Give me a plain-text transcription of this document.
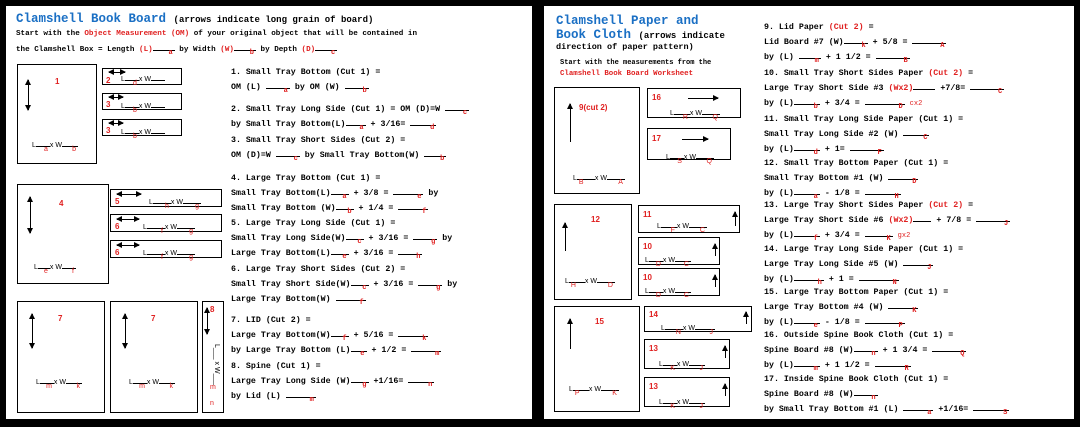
Clamshell Book Board (arrows indicate long grain of board)
Start with the Object Measurement (OM) of your original object that will be contained in
the Clamshell Box = Length (L) a by Width (W) b by Depth (D) c
1
L
a
x W
b
2 L
d
x W
3 L
b
x W
3 L
b
x W
4
L
e
x W
f
5	L
h
x W
g
6	L
f
x W
g
6	L
f
x W
g
7
L
m
x W
k
7
L
m
x W
k
8
L___ x W___
m
n
1. Small Tray Bottom (Cut 1) =
OM (L)	a by OM (W)	b
2. Small Tray Long Side (Cut 1) = OM (D)=W	c
by Small Tray Bottom(L) a + 3/16=	d
3. Small Tray Short Sides (Cut 2) =
OM (D)=W	c by Small Tray Bottom(W) b
4. Large Tray Bottom (Cut 1) =
Small Tray Bottom(L) a + 3/8 =	e by
Small Tray Bottom (W) b + 1/4 =	f
5. Large Tray Long Side (Cut 1) =
Small Tray Long Side(W) c + 3/16 =	g by
Large Tray Bottom(L) e + 3/16 =	h
6. Large Tray Short Sides (Cut 2) =
Small Tray Short Side(W) c + 3/16 =	g by
Large Tray Bottom(W)	f
7. LID (Cut 2) =
Large Tray Bottom(W) f + 5/16 =	k
by Large Tray Bottom (L) e + 1/2 =	m
8. Spine (Cut 1) =
Large Tray Long Side (W) g +1/16=	n
by Lid (L)	m
Clamshell Paper and
Book Cloth (arrows indicate
direction of paper pattern)
Start with the measurements from the
Clamshell Book Board Worksheet
9(cut 2)
L
B
x W
A
16
L
R
x W
Q
17
L
S
x W
Q
12
L
H
x W
D
11
L
F
x W
C
10
L
D
x W
C
10
L
D
x W
C
15
L
P
x W
K
14
L
N
x W
J
13
L
K
x W
J
13
L
K
x W
J
9. Lid Paper (Cut 2) =
Lid Board #7 (W)	k + 5/8 =	A
by (L) m + 1 1/2 =	B
10. Small Tray Short Sides Paper (Cut 2) =
Large Tray Short Side #3 (Wx2)	+7/8=	C
by (L)	b + 3/4 =	D cx2
11. Small Tray Long Side Paper (Cut 1) =
Small Tray Long Side #2 (W)	C
by (L)	d + 1=	F
12. Small Tray Bottom Paper (Cut 1) =
Small Tray Bottom #1 (W)	D
by (L)	a - 1/8 =	H
13. Large Tray Short Sides Paper (Cut 2) =
Large Tray Short Side #6 (Wx2) + 7/8 =	J
by (L)	f + 3/4 =	K gx2
14. Large Tray Long Side Paper (Cut 1) =
Large Tray Long Side #5 (W)	J
by (L)	h + 1 =	N
15. Large Tray Bottom Paper (Cut 1) =
Large Tray Bottom #4 (W)	K
by (L)	e - 1/8 =	P
16. Outside Spine Book Cloth (Cut 1) =
Spine Board #8 (W)	n + 1 3/4 =	Q
by (L)	m + 1 1/2 =	R
17. Inside Spine Book Cloth (Cut 1) =
Spine Board #8 (W)	n
by Small Tray Bottom #1 (L)	a +1/16=	S
